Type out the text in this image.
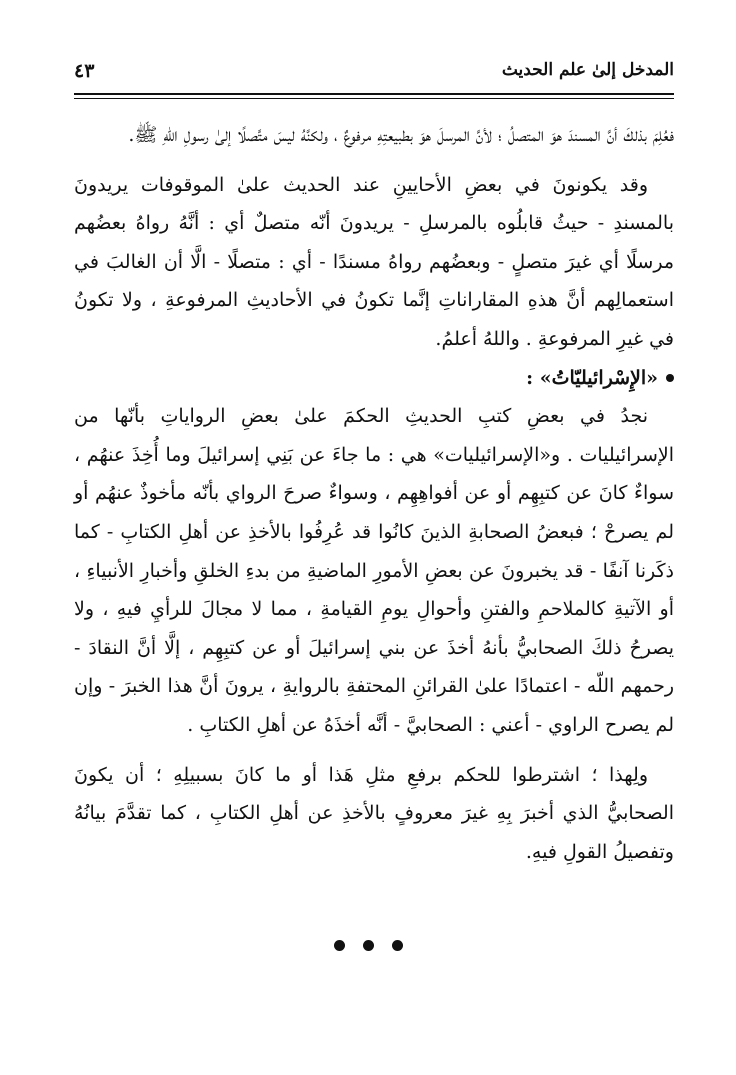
المدخل إلىٰ علم الحديث
٤٣

فعُلِمَ بذلكَ أنَّ المسندَ هوَ المتصلُ ؛ لأنَّ المرسلَ هوَ بطبيعتِهِ مرفوعٌ ، ولكنَّهُ ليسَ متَّصلًا إلىٰ رسولِ اللهِ ﷺ.

وقد يكونونَ في بعضِ الأحايينِ عند الحديث علىٰ الموقوفات يريدونَ بالمسندِ - حيثُ قابلُوه بالمرسلِ - يريدونَ أنّه متصلٌ أي : أنَّهُ رواهُ بعضُهم مرسلًا أي غيرَ متصلٍ - وبعضُهم رواهُ مسندًا - أي : متصلًا - الَّا أن الغالبَ في استعمالِهم أنَّ هذهِ المقاراناتِ إنَّما تكونُ في الأحاديثِ المرفوعةِ ، ولا تكونُ في غيرِ المرفوعةِ . واللهُ أعلمُ.

«الإِسْرائيليّاتُ» :

نجدُ في بعضِ كتبِ الحديثِ الحكمَ علىٰ بعضِ الرواياتِ بأنّها من الإسرائيليات . و«الإسرائيليات» هي : ما جاءَ عن بَنِي إسرائيلَ وما أُخِذَ عنهُم ، سواءٌ كانَ عن كتبِهِم أو عن أفواهِهِم ، وسواءٌ صرحَ الرواي بأنّه مأخوذٌ عنهُم أو لم يصرحْ ؛ فبعضُ الصحابةِ الذينَ كانُوا قد عُرِفُوا بالأخذِ عن أهلِ الكتابِ - كما ذكَرنا آنفًا - قد يخبرونَ عن بعضِ الأمورِ الماضيةِ من بدءِ الخلقِ وأخبارِ الأنبياءِ ، أو الآتيةِ كالملاحمِ والفتنِ وأحوالِ يومِ القيامةِ ، مما لا مجالَ للرأيِ فيهِ ، ولا يصرحُ ذلكَ الصحابيُّ بأنهُ أخذَ عن بني إسرائيلَ أو عن كتبِهِم ، إلَّا أنَّ النقادَ - رحمهم اللّه - اعتمادًا علىٰ القرائنِ المحتفةِ بالروايةِ ، يرونَ أنَّ هذا الخبرَ - وإن لم يصرح الراوي - أعني : الصحابيَّ - أنَّه أخذَهُ عن أهلِ الكتابِ .

ولِهذا ؛ اشترطوا للحكم برفعِ مثلِ هَذا أو ما كانَ بسبيلِهِ ؛ أن يكونَ الصحابيُّ الذي أخبرَ بِهِ غيرَ معروفٍ بالأخذِ عن أهلِ الكتابِ ، كما تقدَّمَ بيانُهُ وتفصيلُ القولِ فيهِ.
